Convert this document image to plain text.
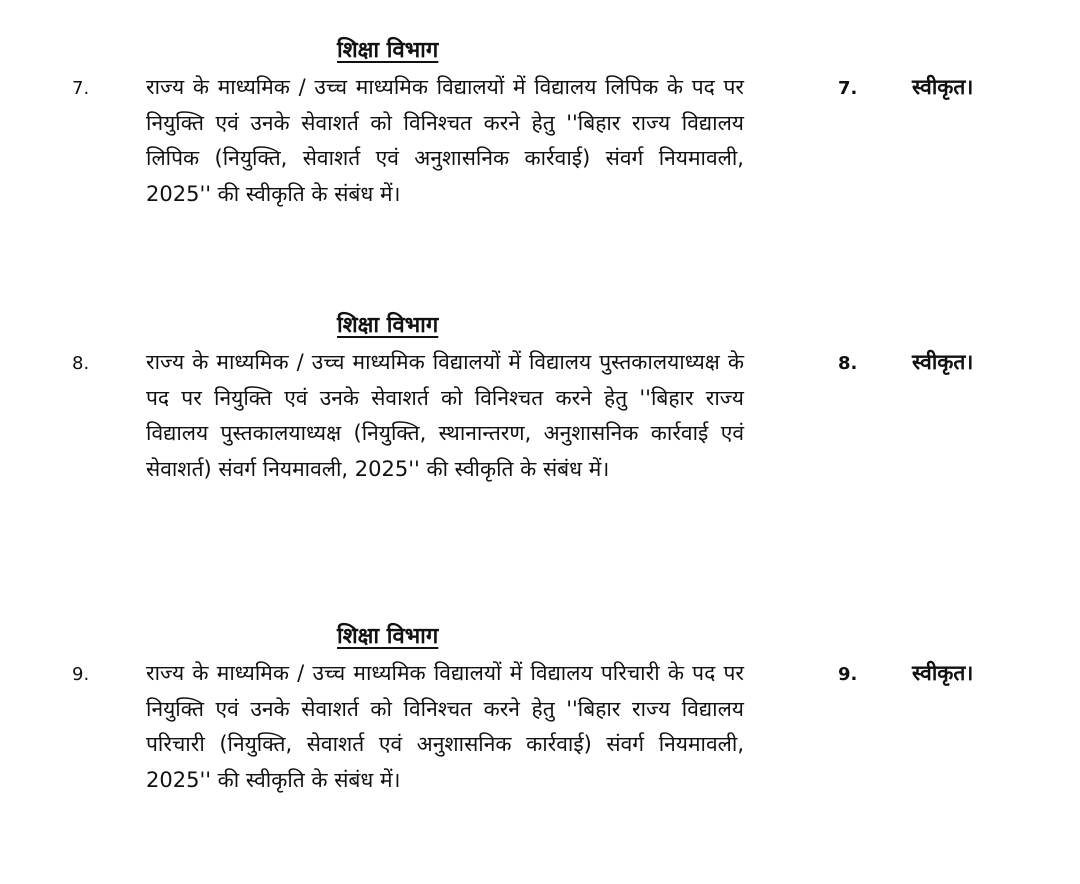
शिक्षा विभाग
7.	राज्य के माध्यमिक / उच्च माध्यमिक विद्यालयों में विद्यालय लिपिक के पद पर नियुक्ति एवं उनके सेवाशर्त को विनिश्चत करने हेतु ''बिहार राज्य विद्यालय लिपिक (नियुक्ति, सेवाशर्त एवं अनुशासनिक कार्रवाई) संवर्ग नियमावली, 2025'' की स्वीकृति के संबंध में।

7.	स्वीकृत।
शिक्षा विभाग
8.	राज्य के माध्यमिक / उच्च माध्यमिक विद्यालयों में विद्यालय पुस्तकालयाध्यक्ष के पद पर नियुक्ति एवं उनके सेवाशर्त को विनिश्चत करने हेतु ''बिहार राज्य विद्यालय पुस्तकालयाध्यक्ष (नियुक्ति, स्थानान्तरण, अनुशासनिक कार्रवाई एवं सेवाशर्त) संवर्ग नियमावली, 2025'' की स्वीकृति के संबंध में।

8.	स्वीकृत।
शिक्षा विभाग
9.	राज्य के माध्यमिक / उच्च माध्यमिक विद्यालयों में विद्यालय परिचारी के पद पर नियुक्ति एवं उनके सेवाशर्त को विनिश्चत करने हेतु ''बिहार राज्य विद्यालय परिचारी (नियुक्ति, सेवाशर्त एवं अनुशासनिक कार्रवाई) संवर्ग नियमावली, 2025'' की स्वीकृति के संबंध में।

9.	स्वीकृत।
